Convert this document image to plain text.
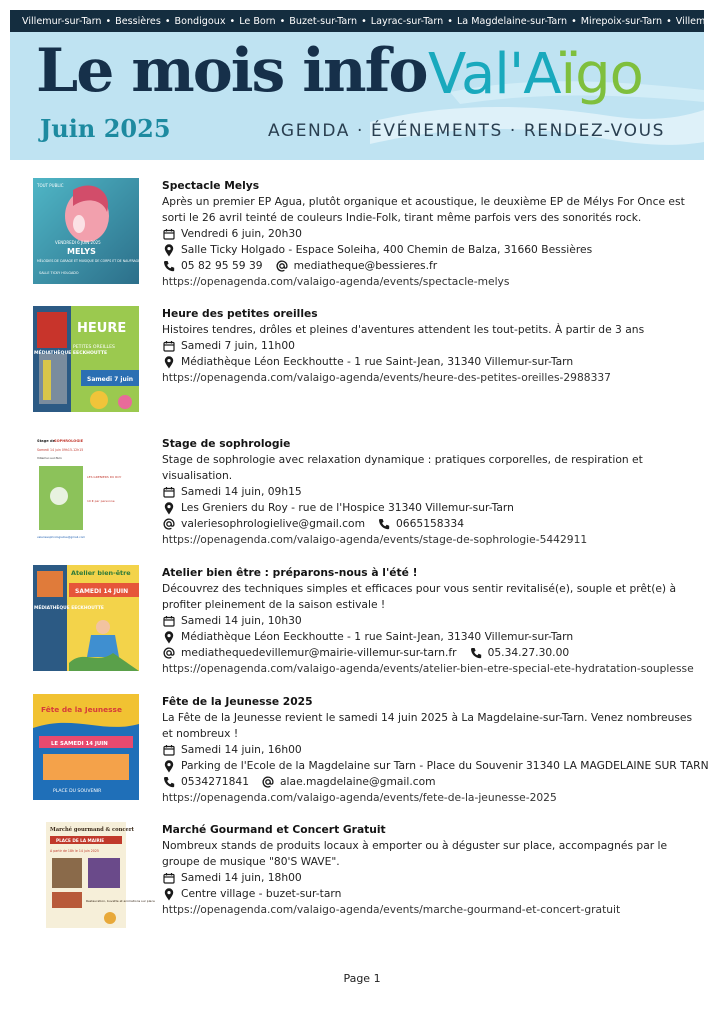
Villemur-sur-Tarn • Bessières • Bondigoux • Le Born • Buzet-sur-Tarn • Layrac-sur-Tarn • La Magdelaine-sur-Tarn • Mirepoix-sur-Tarn • Villematier
Le mois info Val'Aïgo
Juin 2025	AGENDA · ÉVÉNEMENTS · RENDEZ-VOUS
TOUT PUBLIC
VENDREDI 6 JUIN 2025
MELYS
MÉLODIES DE CARAGE ET MUSIQUE DE CORPS ET DE NAUFRAGES
SALLE TICKY HOLGADO
Spectacle Melys
Après un premier EP Agua, plutôt organique et acoustique, le deuxième EP de Mélys For Once est sorti le 26 avril teinté de couleurs Indie-Folk, tirant même parfois vers des sonorités rock.
Vendredi 6 juin, 20h30
Salle Ticky Holgado - Espace Soleiha, 400 Chemin de Balza, 31660 Bessières
05 82 95 59 39	mediatheque@bessieres.fr
https://openagenda.com/valaigo-agenda/events/spectacle-melys
MÉDIATHÈQUE EECKHOUTTE
HEURE
PETITES OREILLES
Samedi 7 juin
Heure des petites oreilles
Histoires tendres, drôles et pleines d'aventures attendent les tout-petits. À partir de 3 ans
Samedi 7 juin, 11h00
Médiathèque Léon Eeckhoutte - 1 rue Saint-Jean, 31340 Villemur-sur-Tarn
https://openagenda.com/valaigo-agenda/events/heure-des-petites-oreilles-2988337
Stage de
SOPHROLOGIE
Samedi 14 juin 09h15-12h15
Villemur-sur-Tarn
LES GRENIERS DU ROY
10 € par personne
valeriesophrologielive@gmail.com
Stage de sophrologie
Stage de sophrologie avec relaxation dynamique : pratiques corporelles, de respiration et visualisation.
Samedi 14 juin, 09h15
Les Greniers du Roy - rue de l'Hospice 31340 Villemur-sur-Tarn
valeriesophrologielive@gmail.com	0665158334
https://openagenda.com/valaigo-agenda/events/stage-de-sophrologie-5442911
MÉDIATHÈQUE EECKHOUTTE
Atelier bien-être
SAMEDI 14 JUIN
Atelier bien être : préparons-nous à l'été !
Découvrez des techniques simples et efficaces pour vous sentir revitalisé(e), souple et prêt(e) à profiter pleinement de la saison estivale !
Samedi 14 juin, 10h30
Médiathèque Léon Eeckhoutte - 1 rue Saint-Jean, 31340 Villemur-sur-Tarn
mediathequedevillemur@mairie-villemur-sur-tarn.fr	05.34.27.30.00
https://openagenda.com/valaigo-agenda/events/atelier-bien-etre-special-ete-hydratation-souplesse
Fête de la Jeunesse
LE SAMEDI 14 JUIN
PLACE DU SOUVENIR
Fête de la Jeunesse 2025
La Fête de la Jeunesse revient le samedi 14 juin 2025 à La Magdelaine-sur-Tarn. Venez nombreuses et nombreux !
Samedi 14 juin, 16h00
Parking de l'Ecole de la Magdelaine sur Tarn - Place du Souvenir 31340 LA MAGDELAINE SUR TARN
0534271841	alae.magdelaine@gmail.com
https://openagenda.com/valaigo-agenda/events/fete-de-la-jeunesse-2025
Marché gourmand & concert
PLACE DE LA MAIRIE
A partir de 18h le 14 juin 2025
Restauration, buvette et animations sur place
Marché Gourmand et Concert Gratuit
Nombreux stands de produits locaux à emporter ou à déguster sur place, accompagnés par le groupe de musique "80'S WAVE".
Samedi 14 juin, 18h00
Centre village - buzet-sur-tarn
https://openagenda.com/valaigo-agenda/events/marche-gourmand-et-concert-gratuit
Page 1
